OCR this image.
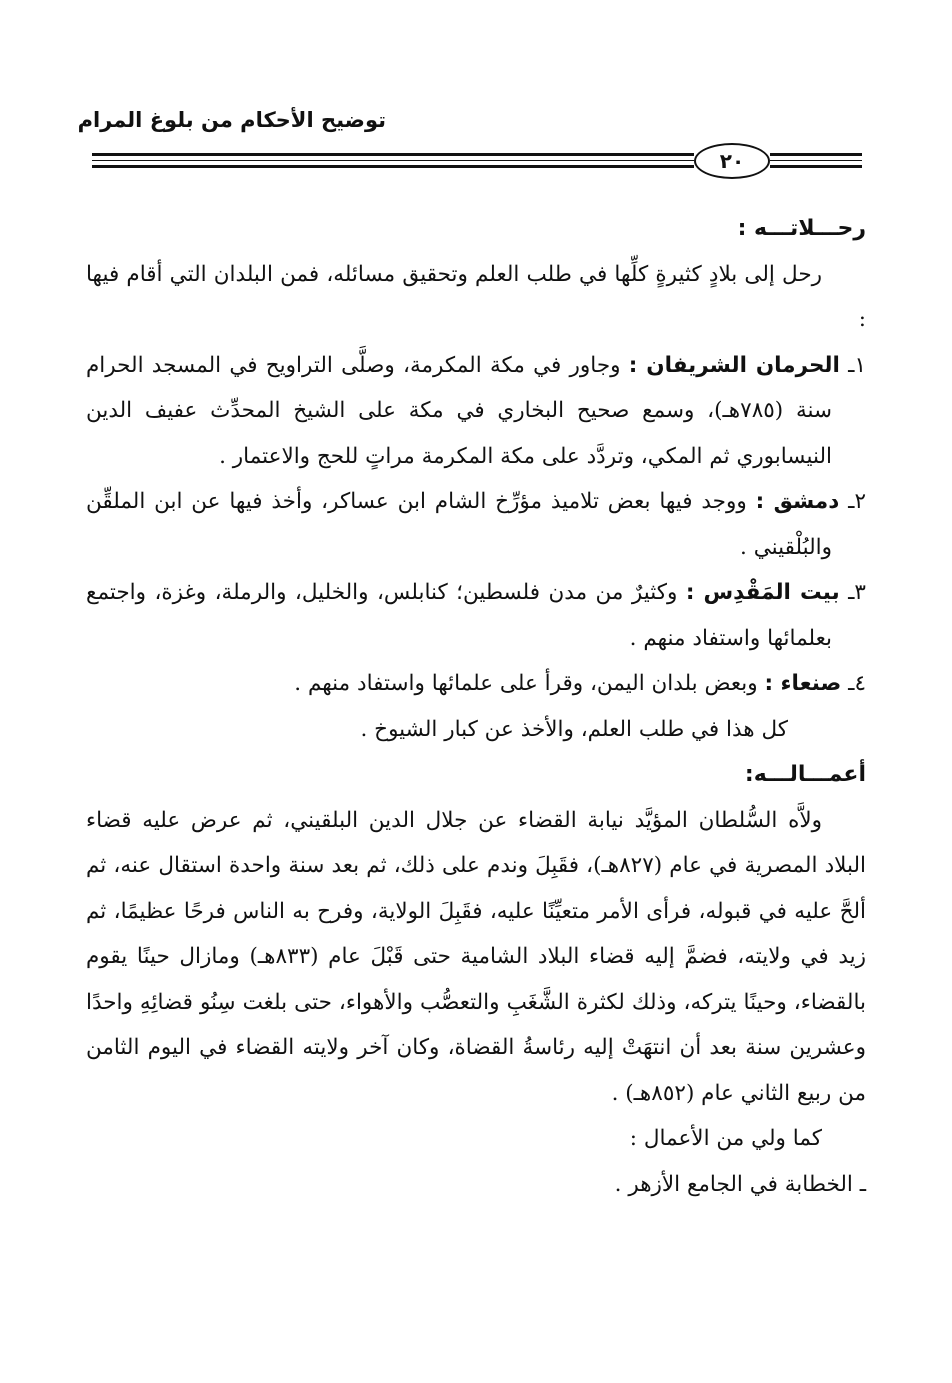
توضيح الأحكام من بلوغ المرام
٢٠

رحـــلاتـــه :

رحل إلى بلادٍ كثيرةٍ كلِّها في طلب العلم وتحقيق مسائله، فمن البلدان التي أقام فيها :

١ـ الحرمان الشريفان : وجاور في مكة المكرمة، وصلَّى التراويح في المسجد الحرام سنة (٧٨٥هـ)، وسمع صحيح البخاري في مكة على الشيخ المحدِّث عفيف الدين النيسابوري ثم المكي، وتردَّد على مكة المكرمة مراتٍ للحج والاعتمار .

٢ـ دمشق : ووجد فيها بعض تلاميذ مؤرِّخ الشام ابن عساكر، وأخذ فيها عن ابن الملقِّن والبُلْقيني .

٣ـ بيت المَقْدِس : وكثيرٌ من مدن فلسطين؛ كنابلس، والخليل، والرملة، وغزة، واجتمع بعلمائها واستفاد منهم .

٤ـ صنعاء : وبعض بلدان اليمن، وقرأ على علمائها واستفاد منهم .

كل هذا في طلب العلم، والأخذ عن كبار الشيوخ .

أعمـــالـــه:

ولاَّه السُّلطان المؤيَّد نيابة القضاء عن جلال الدين البلقيني، ثم عرض عليه قضاء البلاد المصرية في عام (٨٢٧هـ)، فقَبِلَ وندم على ذلك، ثم بعد سنة واحدة استقال عنه، ثم ألحَّ عليه في قبوله، فرأى الأمر متعيِّنًا عليه، فقَبِلَ الولاية، وفرح به الناس فرحًا عظيمًا، ثم زيد في ولايته، فضمَّ إليه قضاء البلاد الشامية حتى قَبْلَ عام (٨٣٣هـ) ومازال حينًا يقوم بالقضاء، وحينًا يتركه، وذلك لكثرة الشَّغَبِ والتعصُّب والأهواء، حتى بلغت سِنُو قضائِهِ واحدًا وعشرين سنة بعد أن انتهَتْ إليه رئاسةُ القضاة، وكان آخر ولايته القضاء في اليوم الثامن من ربيع الثاني عام (٨٥٢هـ) .

كما ولي من الأعمال :

ـ الخطابة في الجامع الأزهر .
